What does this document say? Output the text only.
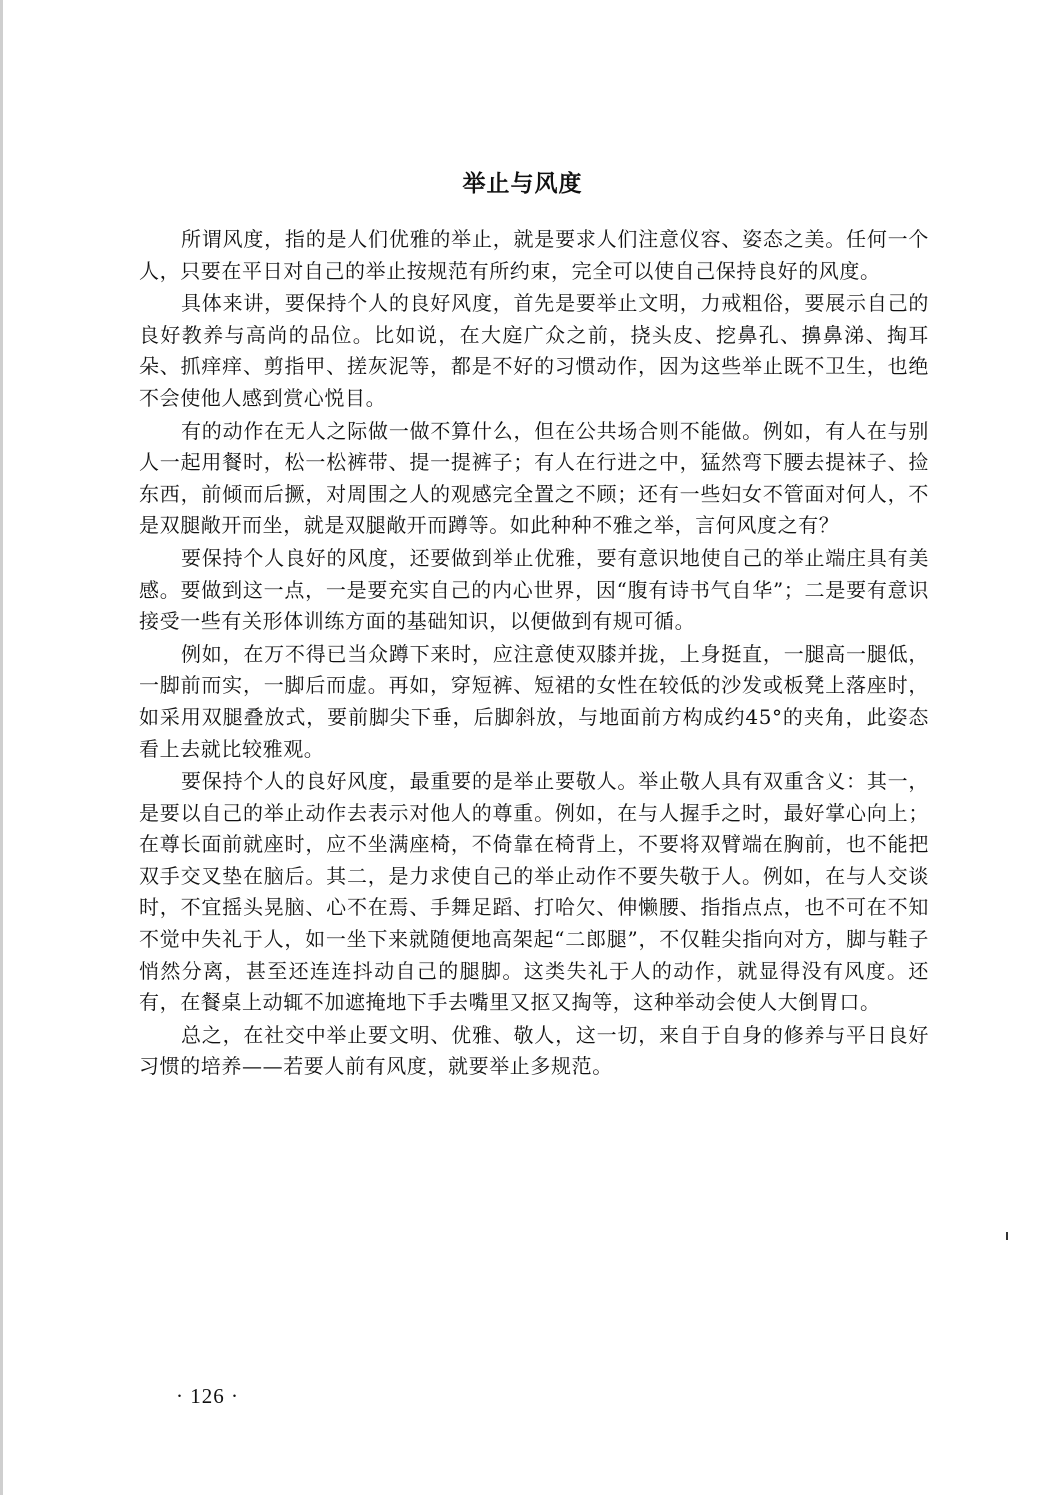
举止与风度

所谓风度，指的是人们优雅的举止，就是要求人们注意仪容、姿态之美。任何一个人，只要在平日对自己的举止按规范有所约束，完全可以使自己保持良好的风度。

具体来讲，要保持个人的良好风度，首先是要举止文明，力戒粗俗，要展示自己的良好教养与高尚的品位。比如说，在大庭广众之前，挠头皮、挖鼻孔、擤鼻涕、掏耳朵、抓痒痒、剪指甲、搓灰泥等，都是不好的习惯动作，因为这些举止既不卫生，也绝不会使他人感到赏心悦目。

有的动作在无人之际做一做不算什么，但在公共场合则不能做。例如，有人在与别人一起用餐时，松一松裤带、提一提裤子；有人在行进之中，猛然弯下腰去提袜子、捡东西，前倾而后撅，对周围之人的观感完全置之不顾；还有一些妇女不管面对何人，不是双腿敞开而坐，就是双腿敞开而蹲等。如此种种不雅之举，言何风度之有？

要保持个人良好的风度，还要做到举止优雅，要有意识地使自己的举止端庄具有美感。要做到这一点，一是要充实自己的内心世界，因“腹有诗书气自华”；二是要有意识接受一些有关形体训练方面的基础知识，以便做到有规可循。

例如，在万不得已当众蹲下来时，应注意使双膝并拢，上身挺直，一腿高一腿低，一脚前而实，一脚后而虚。再如，穿短裤、短裙的女性在较低的沙发或板凳上落座时，如采用双腿叠放式，要前脚尖下垂，后脚斜放，与地面前方构成约45°的夹角，此姿态看上去就比较雅观。

要保持个人的良好风度，最重要的是举止要敬人。举止敬人具有双重含义：其一，是要以自己的举止动作去表示对他人的尊重。例如，在与人握手之时，最好掌心向上；在尊长面前就座时，应不坐满座椅，不倚靠在椅背上，不要将双臂端在胸前，也不能把双手交叉垫在脑后。其二，是力求使自己的举止动作不要失敬于人。例如，在与人交谈时，不宜摇头晃脑、心不在焉、手舞足蹈、打哈欠、伸懒腰、指指点点，也不可在不知不觉中失礼于人，如一坐下来就随便地高架起“二郎腿”，不仅鞋尖指向对方，脚与鞋子悄然分离，甚至还连连抖动自己的腿脚。这类失礼于人的动作，就显得没有风度。还有，在餐桌上动辄不加遮掩地下手去嘴里又抠又掏等，这种举动会使人大倒胃口。

总之，在社交中举止要文明、优雅、敬人，这一切，来自于自身的修养与平日良好习惯的培养——若要人前有风度，就要举止多规范。

· 126 ·
